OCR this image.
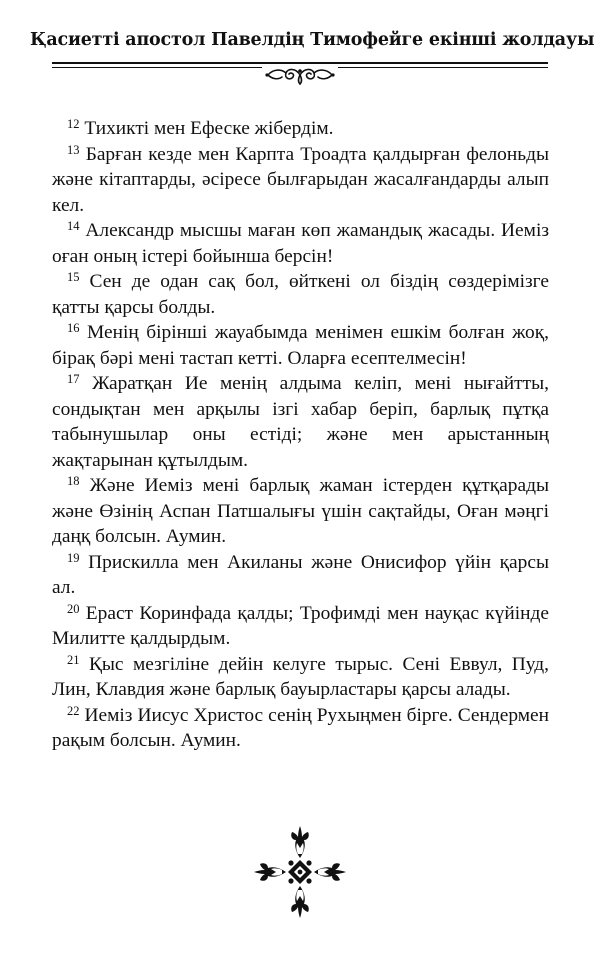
Қасиетті апостол Павелдің Тимофейге екінші жолдауы

$^{12}$ Тихикті мен Ефеске жібердім.

$^{13}$ Барған кезде мен Карпта Троадта қалдырған фелоньды және кітаптарды, әсіресе былғарыдан жасалғандарды алып кел.

$^{14}$ Александр мысшы маған көп жамандық жасады. Иеміз оған оның істері бойынша берсін!

$^{15}$ Сен де одан сақ бол, өйткені ол біздің сөздерімізге қатты қарсы болды.

$^{16}$ Менің бірінші жауабымда менімен ешкім болған жоқ, бірақ бәрі мені тастап кетті. Оларға есептелмесін!

$^{17}$ Жаратқан Ие менің алдыма келіп, мені нығайтты, сондықтан мен арқылы ізгі хабар беріп, барлық пұтқа табынушылар оны естіді; және мен арыстанның жақтарынан құтылдым.

$^{18}$ Және Иеміз мені барлық жаман істерден құтқарады және Өзінің Аспан Патшалығы үшін сақтайды, Оған мәңгі даңқ болсын. Аумин.

$^{19}$ Прискилла мен Акиланы және Онисифор үйін қарсы ал.

$^{20}$ Ераст Коринфада қалды; Трофимді мен науқас күйінде Милитте қалдырдым.

$^{21}$ Қыс мезгіліне дейін келуге тырыс. Сені Еввул, Пуд, Лин, Клавдия және барлық бауырластары қарсы алады.

$^{22}$ Иеміз Иисус Христос сенің Рухыңмен бірге. Сендермен рақым болсын. Аумин.
